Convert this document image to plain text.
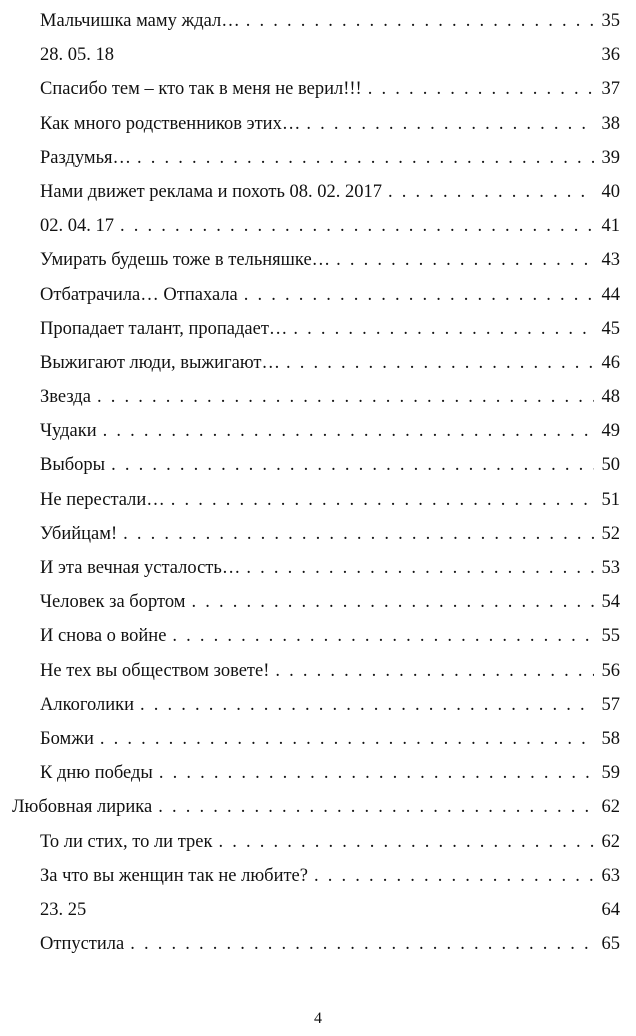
Мальчишка маму ждал… . . .	35
28. 05. 18	36
Спасибо тем – кто так в меня не верил!!! . . .	37
Как много родственников этих… . . .	38
Раздумья… . . .	39
Нами движет реклама и похоть 08. 02. 2017 . . .	40
02. 04. 17 . . .	41
Умирать будешь тоже в тельняшке… . . .	43
Отбатрачила… Отпахала . . .	44
Пропадает талант, пропадает… . . .	45
Выжигают люди, выжигают… . . .	46
Звезда . . .	48
Чудаки . . .	49
Выборы . . .	50
Не перестали… . . .	51
Убийцам! . . .	52
И эта вечная усталость… . . .	53
Человек за бортом . . .	54
И снова о войне . . .	55
Не тех вы обществом зовете! . . .	56
Алкоголики . . .	57
Бомжи . . .	58
К дню победы . . .	59
Любовная лирика . . .	62
То ли стих, то ли трек . . .	62
За что вы женщин так не любите? . . .	63
23. 25	64
Отпустила . . .	65
4
